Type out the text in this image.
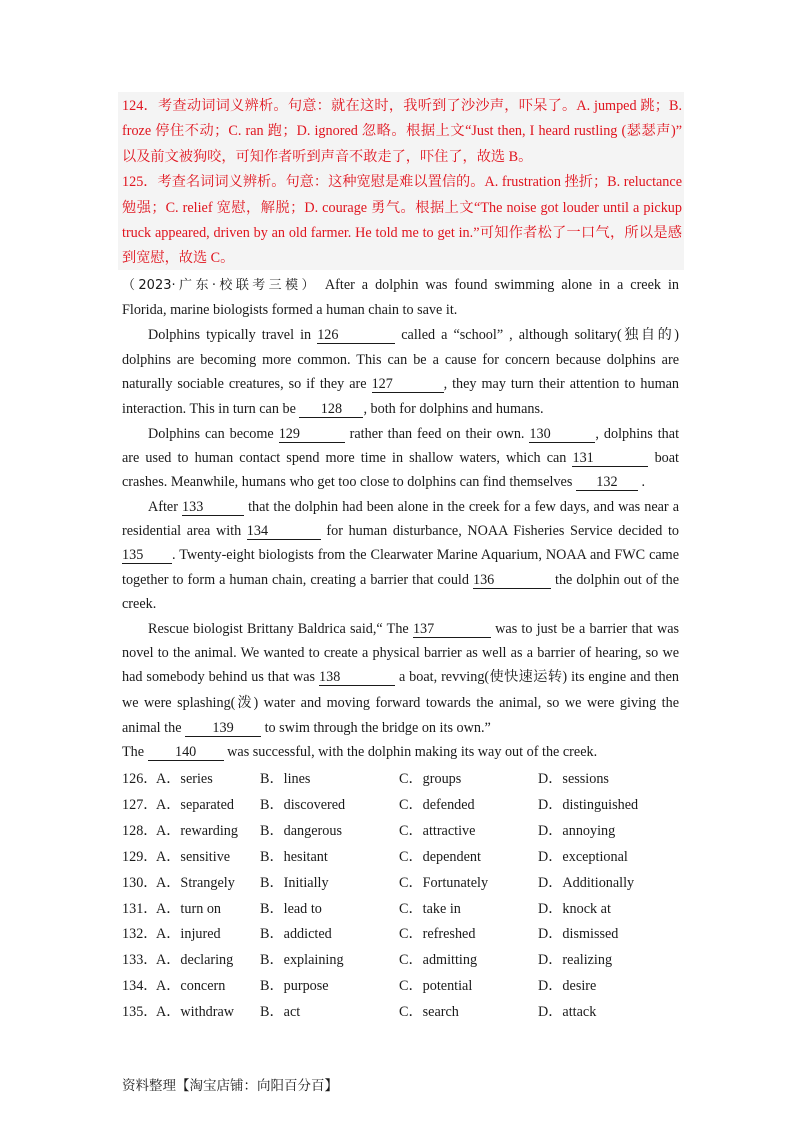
124．考查动词词义辨析。句意：就在这时，我听到了沙沙声，吓呆了。A. jumped 跳；B.
froze 停住不动；C. ran 跑；D. ignored 忽略。根据上文“Just then, I heard rustling (瑟瑟声)”
以及前文被狗咬，可知作者听到声音不敢走了，吓住了，故选 B。
125．考查名词词义辨析。句意：这种宽慰是难以置信的。A. frustration 挫折；B. reluctance
勉强；C. relief 宽慰，解脱；D. courage 勇气。根据上文“The noise got louder until a pickup
truck appeared, driven by an old farmer. He told me to get in.”可知作者松了一口气，所以是感
到宽慰，故选 C。
（2023·广东·校联考三模） After a dolphin was found swimming alone in a creek in
Florida, marine biologists formed a human chain to save it.
Dolphins typically travel in 126	called a “school” , although solitary(独自的)
dolphins are becoming more common. This can be a cause for concern because dolphins are
naturally sociable creatures, so if they are 127	, they may turn their attention to human
interaction. This in turn can be 128 , both for dolphins and humans.
Dolphins can become 129	rather than feed on their own. 130	, dolphins that
are used to human contact spend more time in shallow waters, which can 131	boat
crashes. Meanwhile, humans who get too close to dolphins can find themselves 132 .
After 133	that the dolphin had been alone in the creek for a few days, and was near a
residential area with 134	for human disturbance, NOAA Fisheries Service decided to
135 . Twenty-eight biologists from the Clearwater Marine Aquarium, NOAA and FWC came
together to form a human chain, creating a barrier that could 136	the dolphin out of the
creek.
Rescue biologist Brittany Baldrica said,“ The 137	was to just be a barrier that was
novel to the animal. We wanted to create a physical barrier as well as a barrier of hearing, so we
had somebody behind us that was 138	a boat, revving(使快速运转) its engine and then
we were splashing(泼) water and moving forward towards the animal, so we were giving the
animal the 139 to swim through the bridge on its own.”
The 140 was successful, with the dolphin making its way out of the creek.
126．
A．series	B．lines	C．groups	D．sessions
127．
A．separated B．discovered	C．defended	D．distinguished
128．
A．rewarding B．dangerous	C．attractive	D．annoying
129．
A．sensitive B．hesitant	C．dependent	D．exceptional
130．
A．Strangely B．Initially	C．Fortunately	D．Additionally
131．
A．turn on	B．lead to	C．take in	D．knock at
132．
A．injured	B．addicted	C．refreshed	D．dismissed
133．
A．declaring B．explaining	C．admitting	D．realizing
134．
A．concern B．purpose	C．potential	D．desire
135．
A．withdraw B．act	C．search	D．attack
资料整理【淘宝店铺：向阳百分百】
